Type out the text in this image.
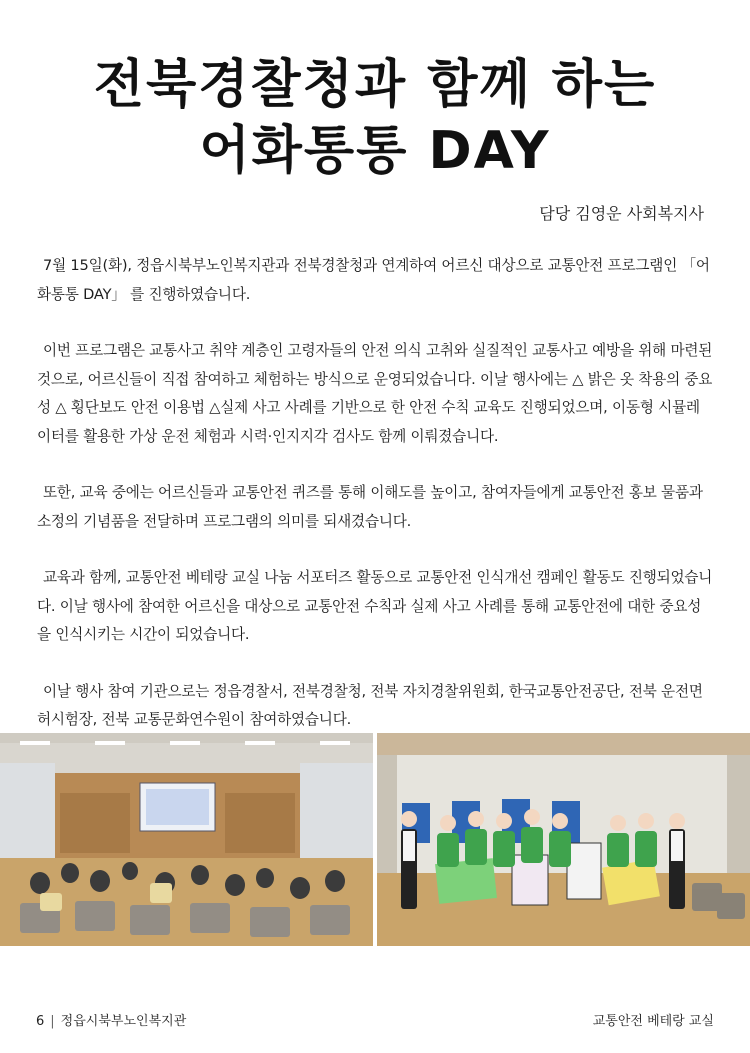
전북경찰청과 함께 하는
어화통통 DAY
담당 김영운 사회복지사

7월 15일(화), 정읍시북부노인복지관과 전북경찰청과 연계하여 어르신 대상으로 교통안전 프로그램인 「어화통통 DAY」 를 진행하였습니다.

이번 프로그램은 교통사고 취약 계층인 고령자들의 안전 의식 고취와 실질적인 교통사고 예방을 위해 마련된 것으로, 어르신들이 직접 참여하고 체험하는 방식으로 운영되었습니다. 이날 행사에는 △ 밝은 옷 착용의 중요성 △ 횡단보도 안전 이용법 △실제 사고 사례를 기반으로 한 안전 수칙 교육도 진행되었으며, 이동형 시뮬레이터를 활용한 가상 운전 체험과 시력·인지지각 검사도 함께 이뤄졌습니다.

또한, 교육 중에는 어르신들과 교통안전 퀴즈를 통해 이해도를 높이고, 참여자들에게 교통안전 홍보 물품과 소정의 기념품을 전달하며 프로그램의 의미를 되새겼습니다.

교육과 함께, 교통안전 베테랑 교실 나눔 서포터즈 활동으로 교통안전 인식개선 캠페인 활동도 진행되었습니다. 이날 행사에 참여한 어르신을 대상으로 교통안전 수칙과 실제 사고 사례를 통해 교통안전에 대한 중요성을 인식시키는 시간이 되었습니다.

이날 행사 참여 기관으로는 정읍경찰서, 전북경찰청, 전북 자치경찰위원회, 한국교통안전공단, 전북 운전면허시험장, 전북 교통문화연수원이 참여하였습니다.

6 | 정읍시북부노인복지관	교통안전 베테랑 교실
